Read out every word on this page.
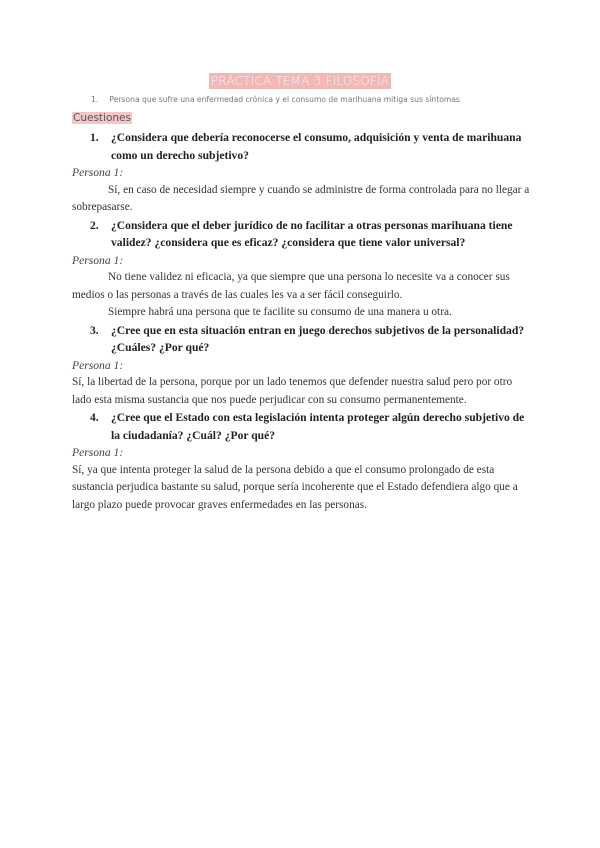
PRÁCTICA TEMA 3 FILOSOFÍA
1. Persona que sufre una enfermedad crónica y el consumo de marihuana mitiga sus síntomas
Cuestiones

1. ¿Considera que debería reconocerse el consumo, adquisición y venta de marihuana como un derecho subjetivo?

Persona 1:

Sí, en caso de necesidad siempre y cuando se administre de forma controlada para no llegar a sobrepasarse.

2. ¿Considera que el deber jurídico de no facilitar a otras personas marihuana tiene validez? ¿considera que es eficaz? ¿considera que tiene valor universal?

Persona 1:

No tiene validez ni eficacia, ya que siempre que una persona lo necesite va a conocer sus medios o las personas a través de las cuales les va a ser fácil conseguirlo.

Siempre habrá una persona que te facilite su consumo de una manera u otra.

3. ¿Cree que en esta situación entran en juego derechos subjetivos de la personalidad? ¿Cuáles? ¿Por qué?

Persona 1:

Sí, la libertad de la persona, porque por un lado tenemos que defender nuestra salud pero por otro lado esta misma sustancia que nos puede perjudicar con su consumo permanentemente.

4. ¿Cree que el Estado con esta legislación intenta proteger algún derecho subjetivo de la ciudadanía? ¿Cuál? ¿Por qué?

Persona 1:

Sí, ya que intenta proteger la salud de la persona debido a que el consumo prolongado de esta sustancia perjudica bastante su salud, porque sería incoherente que el Estado defendiera algo que a largo plazo puede provocar graves enfermedades en las personas.
